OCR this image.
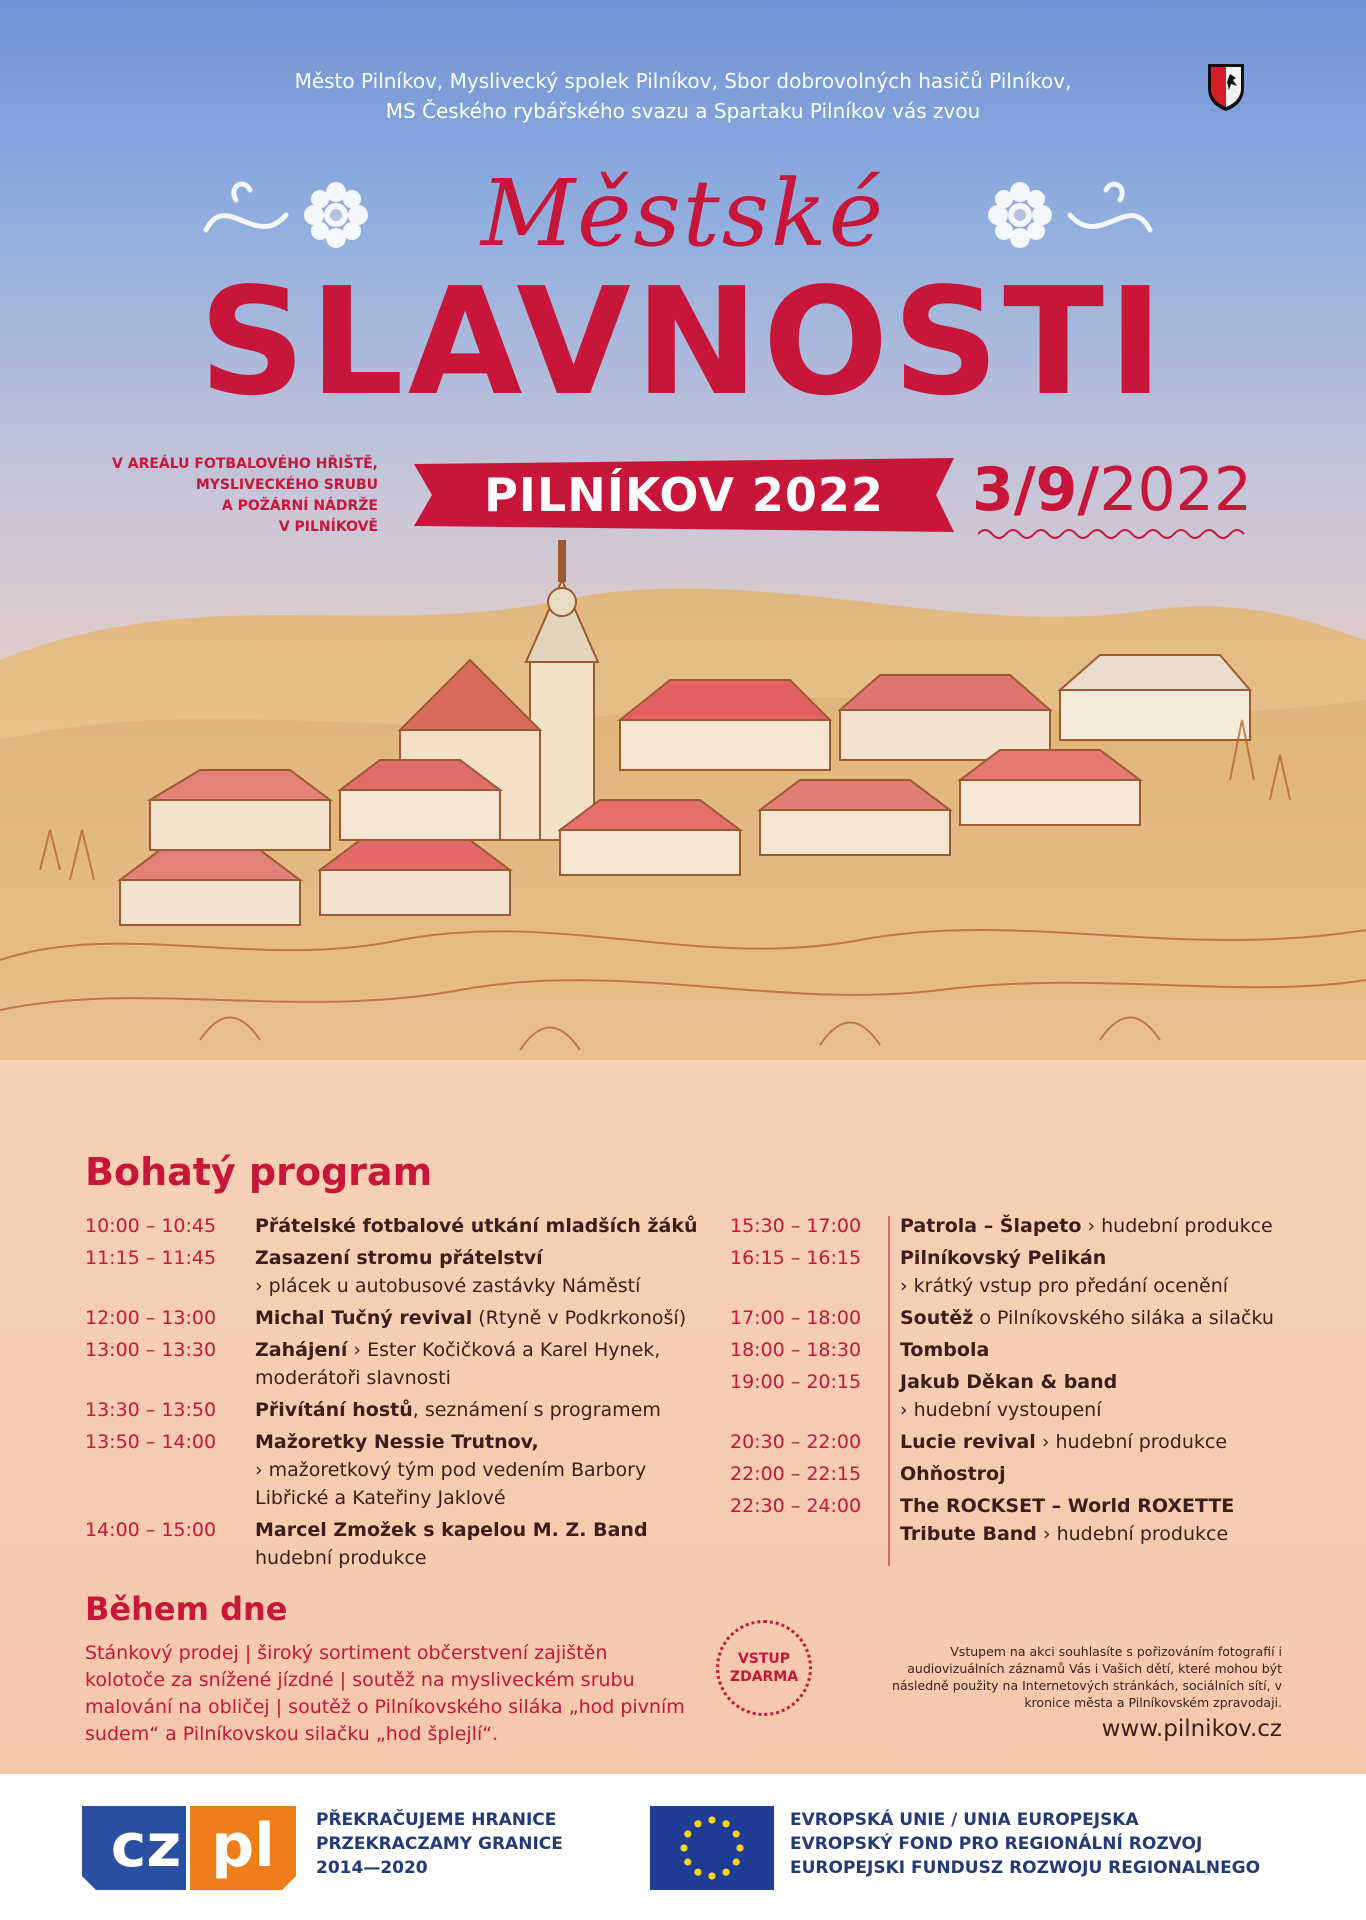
Město Pilníkov, Myslivecký spolek Pilníkov, Sbor dobrovolných hasičů Pilníkov,
MS Českého rybářského svazu a Spartaku Pilníkov vás zvou
Městské
SLAVNOSTI
V AREÁLU FOTBALOVÉHO HŘIŠTĚ,
MYSLIVECKÉHO SRUBU
A POŽÁRNÍ NÁDRŽE
V PILNÍKOVĚ
PILNÍKOV 2022	3/9/2022
Bohatý program
10:00 – 10:45	Přátelské fotbalové utkání mladších žáků
11:15 – 11:45	Zasazení stromu přátelství
› plácek u autobusové zastávky Náměstí
12:00 – 13:00	Michal Tučný revival (Rtyně v Podkrkonoší)
13:00 – 13:30	Zahájení › Ester Kočičková a Karel Hynek, moderátoři slavnosti
13:30 – 13:50	Přivítání hostů, seznámení s programem
13:50 – 14:00	Mažoretky Nessie Trutnov,
› mažoretkový tým pod vedením Barbory Libřické a Kateřiny Jaklové
14:00 – 15:00	Marcel Zmožek s kapelou M. Z. Band
hudební produkce
15:30 – 17:00	Patrola – Šlapeto › hudební produkce
16:15 – 16:15	Pilníkovský Pelikán
› krátký vstup pro předání ocenění
17:00 – 18:00	Soutěž o Pilníkovského siláka a silačku
18:00 – 18:30	Tombola
19:00 – 20:15	Jakub Děkan & band
› hudební vystoupení
20:30 – 22:00	Lucie revival › hudební produkce
22:00 – 22:15	Ohňostroj
22:30 – 24:00	The ROCKSET – World ROXETTE Tribute Band › hudební produkce
Během dne
Stánkový prodej | široký sortiment občerstvení zajištěn kolotoče za snížené jízdné | soutěž na mysliveckém srubu malování na obličej | soutěž o Pilníkovského siláka „hod pivním sudem“ a Pilníkovskou silačku „hod šplejlí“.
VSTUP
ZDARMA
Vstupem na akci souhlasíte s pořizováním fotografií i audiovizuálních záznamů Vás i Vašich dětí, které mohou být následně použity na Internetových stránkách, sociálních sítí, v kronice města a Pilníkovském zpravodaji.
www.pilnikov.cz
cz pl	PŘEKRAČUJEME HRANICE
PRZEKRACZAMY GRANICE
2014—2020
EVROPSKÁ UNIE / UNIA EUROPEJSKA
EVROPSKÝ FOND PRO REGIONÁLNÍ ROZVOJ
EUROPEJSKI FUNDUSZ ROZWOJU REGIONALNEGO
